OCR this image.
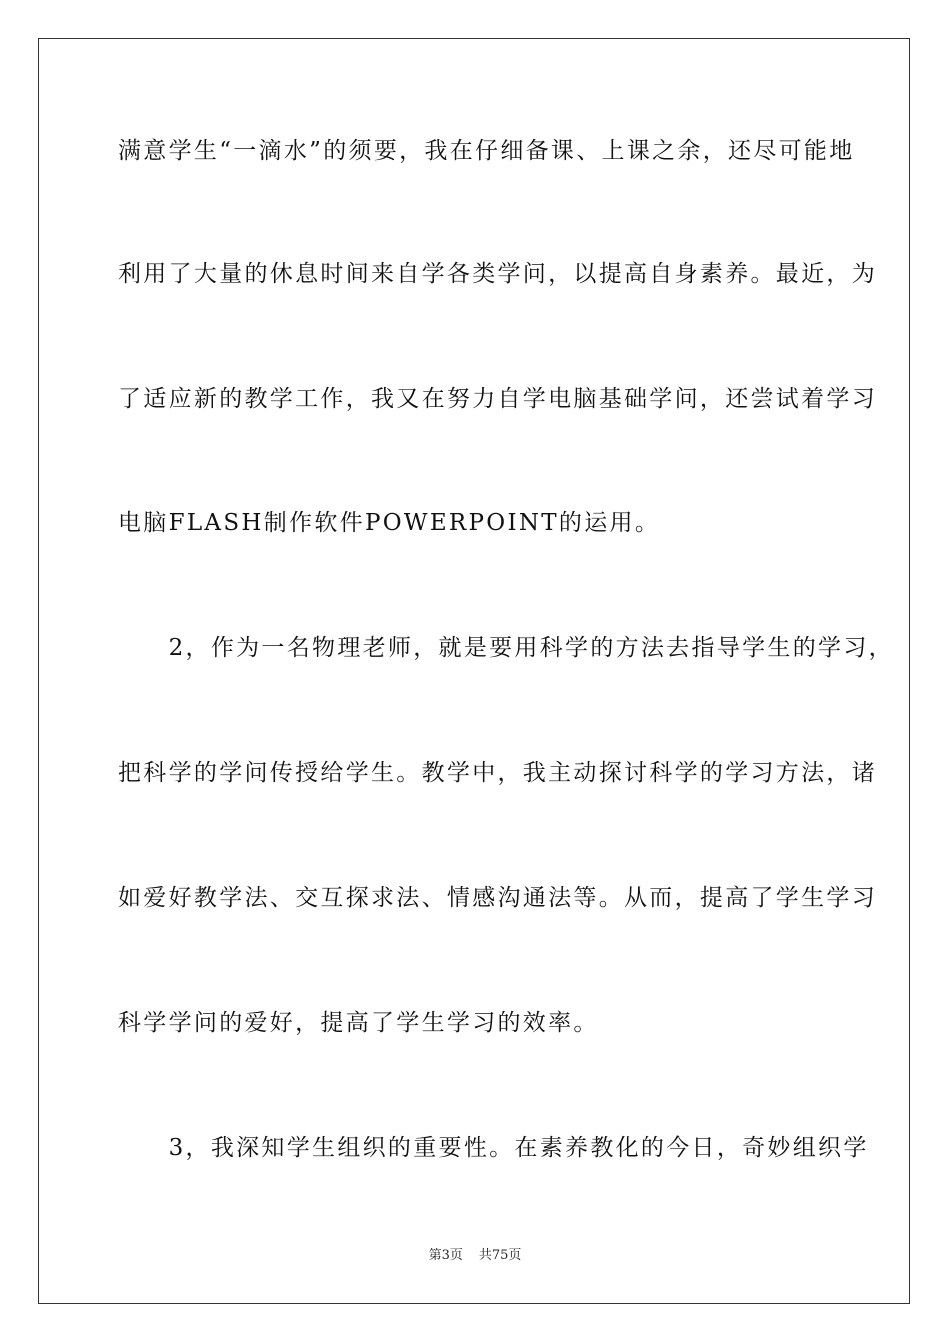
满意学生“一滴水”的须要，我在仔细备课、上课之余，还尽可能地
利用了大量的休息时间来自学各类学问，以提高自身素养。最近，为
了适应新的教学工作，我又在努力自学电脑基础学问，还尝试着学习
电脑FLASH制作软件POWERPOINT的运用。
　　2，作为一名物理老师，就是要用科学的方法去指导学生的学习，
把科学的学问传授给学生。教学中，我主动探讨科学的学习方法，诸
如爱好教学法、交互探求法、情感沟通法等。从而，提高了学生学习
科学学问的爱好，提高了学生学习的效率。
　　3，我深知学生组织的重要性。在素养教化的今日，奇妙组织学
第3页 共75页
